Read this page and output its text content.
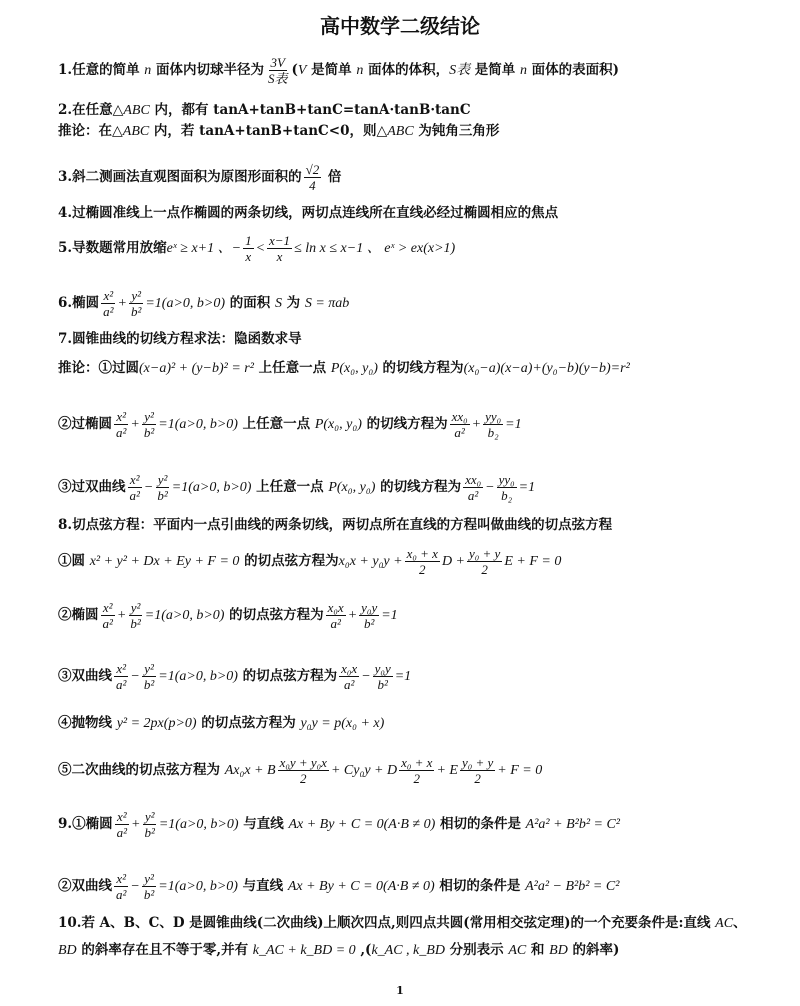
高中数学二级结论
1.任意的简单 n 面体内切球半径为 $\frac{3V}{\text{S表}} (V$ 是简单 n 面体的体积，S表 是简单 n 面体的表面积)
2.在任意△ABC 内，都有 tanA+tanB+tanC=tanA·tanB·tanC
推论：在△ABC 内，若 tanA+tanB+tanC<0，则△ABC 为钝角三角形
3.斜二测画法直观图面积为原图形面积的 $\frac{√2}{4}$ 倍
4.过椭圆准线上一点作椭圆的两条切线，两切点连线所在直线必经过椭圆相应的焦点
5.导数题常用放缩eˣ ≥ x+1 、− $\frac{1}{x} < \frac{x-1}{x} \le \ln x \le x-1$ 、 eˣ > ex(x>1)
6.椭圆 $\frac{\text{x²}}{\text{a²}} + \frac{\text{y²}}{\text{b²}} =1(a>0$, b>0) 的面积 S 为 S = πab
7.圆锥曲线的切线方程求法：隐函数求导
推论：①过圆(x−a)² + (y−b)² = r² 上任意一点 P(x₀, y₀) 的切线方程为(x₀−a)(x−a)+(y₀−b)(y−b)=r²
②过椭圆 $\frac{\text{x²}}{\text{a²}} + \frac{\text{y²}}{\text{b²}} =1(a>0$, b>0) 上任意一点 P(x₀, y₀) 的切线方程为 $\frac{\text{xx₀}}{\text{a²}} + \frac{\text{yy₀}}{\text{b₂}} =1$
③过双曲线 $\frac{\text{x²}}{\text{a²}} - \frac{\text{y²}}{\text{b²}} =1(a>0$, b>0) 上任意一点 P(x₀, y₀) 的切线方程为 $\frac{\text{xx₀}}{\text{a²}} - \frac{\text{yy₀}}{\text{b₂}} =1$
8.切点弦方程：平面内一点引曲线的两条切线，两切点所在直线的方程叫做曲线的切点弦方程
①圆 x² + y² + Dx + Ey + F = 0 的切点弦方程为$x_0x + y_0y + \frac{\text{x₀ + x}}{2}$ $D + \frac{\text{y₀ + y}}{2}$ E + F = 0
②椭圆 $\frac{\text{x²}}{\text{a²}} + \frac{\text{y²}}{\text{b²}} =1(a>0$, b>0) 的切点弦方程为 $\frac{\text{x₀x}}{\text{a²}} + \frac{\text{y₀y}}{\text{b²}} =1$
③双曲线 $\frac{\text{x²}}{\text{a²}} - \frac{\text{y²}}{\text{b²}} =1(a>0$, b>0) 的切点弦方程为 $\frac{\text{x₀x}}{\text{a²}} - \frac{\text{y₀y}}{\text{b²}} =1$
④抛物线 y² = 2px(p>0) 的切点弦方程为 y₀y = p(x₀ + x)
⑤二次曲线的切点弦方程为 Ax₀x + B $\frac{\text{x₀y + y₀x}}{2} + Cy_0y + D \frac{\text{x₀ + x}}{2} + E \frac{\text{y₀ + y}}{2} + F = 0$
9.①椭圆 $\frac{\text{x²}}{\text{a²}} + \frac{\text{y²}}{\text{b²}} =1(a>0$, b>0) 与直线 Ax + By + C = 0(A·B ≠ 0) 相切的条件是 A²a² + B²b² = C²
②双曲线 $\frac{\text{x²}}{\text{a²}} - \frac{\text{y²}}{\text{b²}} =1(a>0$, b>0) 与直线 Ax + By + C = 0(A·B ≠ 0) 相切的条件是 A²a² − B²b² = C²
10.若 A、B、C、D 是圆锥曲线(二次曲线)上顺次四点,则四点共圆(常用相交弦定理)的一个充要条件是:直线 AC、
BD 的斜率存在且不等于零,并有 k_AC + k_BD = 0 ,(k_AC , k_BD 分别表示 AC 和 BD 的斜率)
1
